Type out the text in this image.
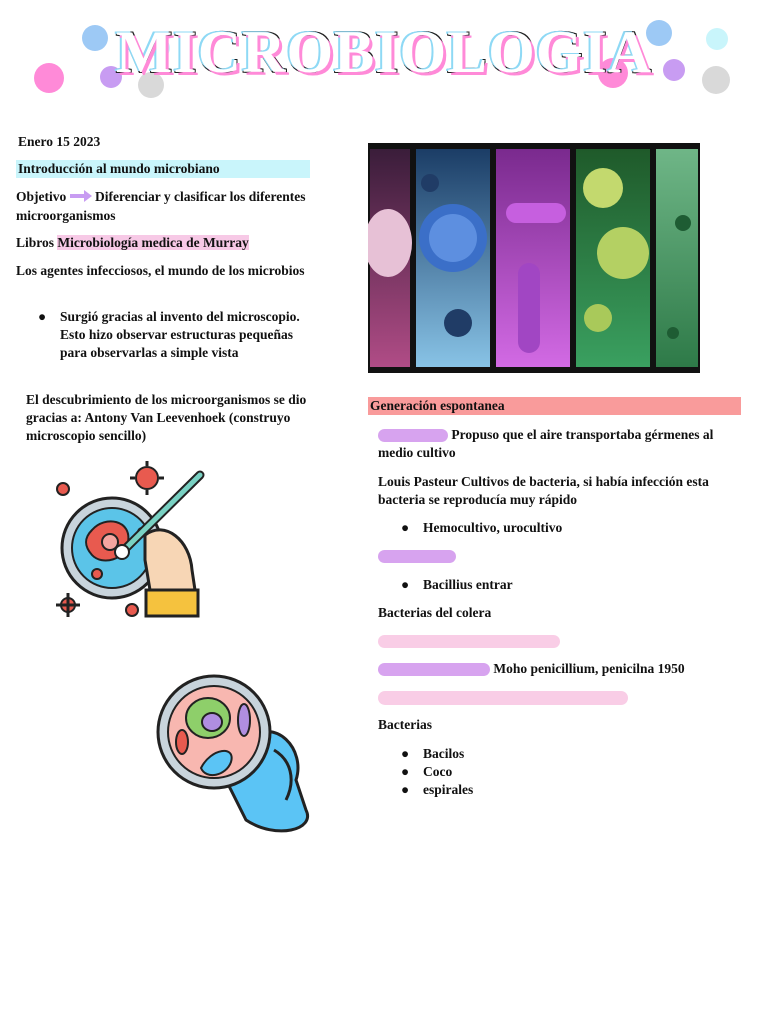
MICROBIOLOGIA
Enero 15 2023
Introducción al mundo microbiano
Objetivo Diferenciar y clasificar los diferentes microorganismos
Libros Microbiología medica de Murray
Los agentes infecciosos, el mundo de los microbios
● Surgió gracias al invento del microscopio. Esto hizo observar estructuras pequeñas para observarlas a simple vista
El descubrimiento de los microorganismos se dio gracias a: Antony Van Leevenhoek (construyo microscopio sencillo)
Generación espontanea
Propuso que el aire transportaba gérmenes al medio cultivo
Louis Pasteur Cultivos de bacteria, si había infección esta bacteria se reproducía muy rápido
● Hemocultivo, urocultivo
● Bacillius entrar
Bacterias del colera
Moho penicillium, penicilna 1950
Bacterias
● Bacilos
● Coco
● espirales
